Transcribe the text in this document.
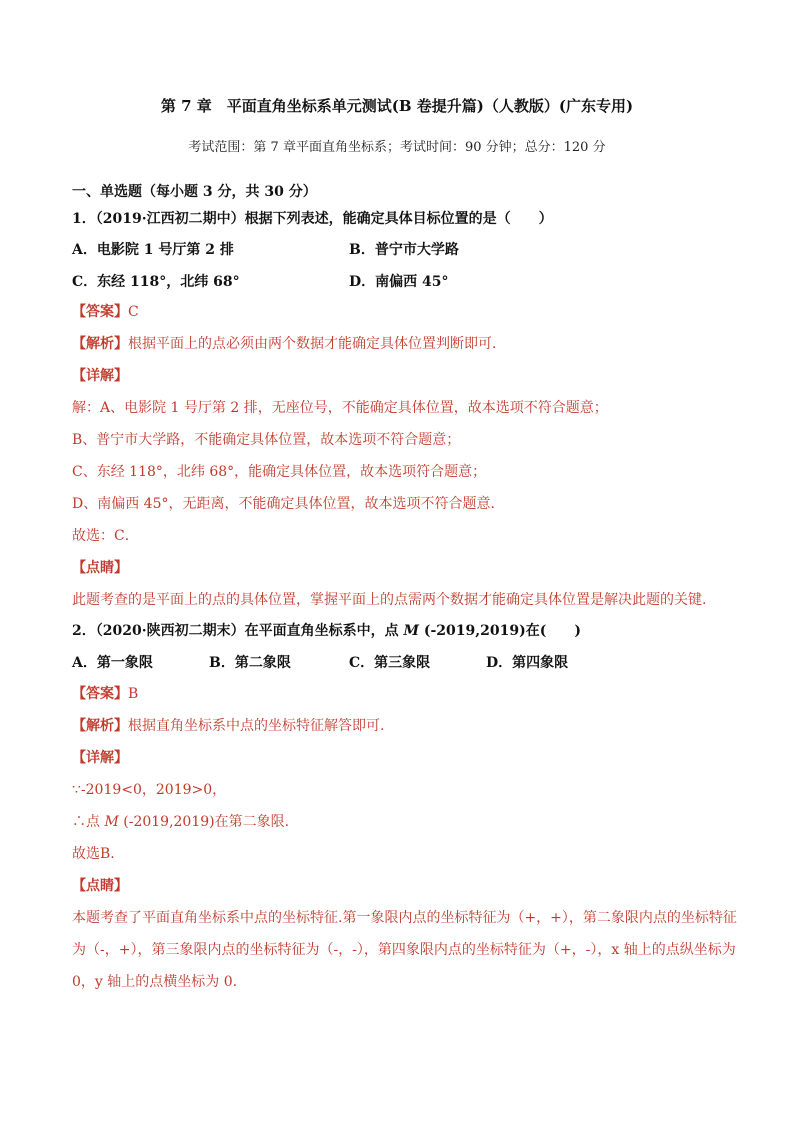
第 7 章　平面直角坐标系单元测试(B 卷提升篇)（人教版）(广东专用)
考试范围：第 7 章平面直角坐标系；考试时间：90 分钟；总分：120 分
一、单选题（每小题 3 分，共 30 分）
1．（2019·江西初二期中）根据下列表述，能确定具体目标位置的是（　　）
A．电影院 1 号厅第 2 排	B．普宁市大学路
C．东经 118°，北纬 68°	D．南偏西 45°
【答案】C
【解析】根据平面上的点必须由两个数据才能确定具体位置判断即可.
【详解】
解：A、电影院 1 号厅第 2 排，无座位号，不能确定具体位置，故本选项不符合题意；
B、普宁市大学路，不能确定具体位置，故本选项不符合题意；
C、东经 118°，北纬 68°，能确定具体位置，故本选项符合题意；
D、南偏西 45°，无距离，不能确定具体位置，故本选项不符合题意．
故选：C．
【点睛】
此题考查的是平面上的点的具体位置，掌握平面上的点需两个数据才能确定具体位置是解决此题的关键.
2．（2020·陕西初二期末）在平面直角坐标系中，点 M (-2019,2019)在(　　)
A．第一象限	B．第二象限	C．第三象限	D．第四象限
【答案】B
【解析】根据直角坐标系中点的坐标特征解答即可.
【详解】
∵-2019<0，2019>0，
∴点 M (-2019,2019)在第二象限.
故选B.
【点睛】
本题考查了平面直角坐标系中点的坐标特征.第一象限内点的坐标特征为（+，+），第二象限内点的坐标特征
为（-，+），第三象限内点的坐标特征为（-，-），第四象限内点的坐标特征为（+，-），x 轴上的点纵坐标为
0，y 轴上的点横坐标为 0.
